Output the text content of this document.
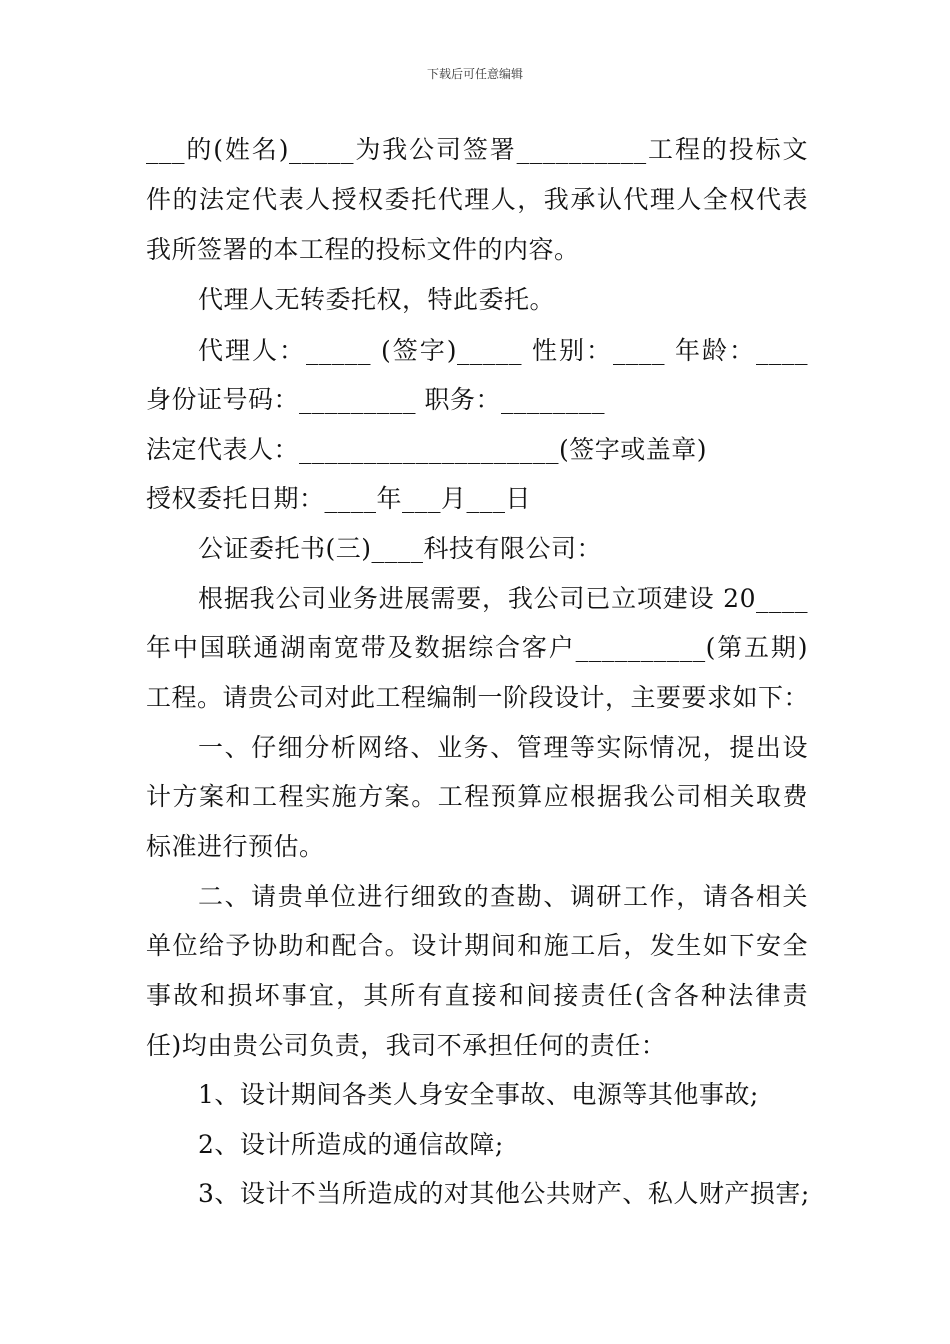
下载后可任意编辑
___的(姓名)_____为我公司签署__________工程的投标文
件的法定代表人授权委托代理人，我承认代理人全权代表
我所签署的本工程的投标文件的内容。
代理人无转委托权，特此委托。
代理人：_____ (签字)_____ 性别：____ 年龄：____
身份证号码：_________ 职务：________
法定代表人：____________________(签字或盖章)
授权委托日期：____年___月___日
公证委托书(三)____科技有限公司：
根据我公司业务进展需要，我公司已立项建设 20____
年中国联通湖南宽带及数据综合客户__________(第五期)
工程。请贵公司对此工程编制一阶段设计，主要要求如下：
一、仔细分析网络、业务、管理等实际情况，提出设
计方案和工程实施方案。工程预算应根据我公司相关取费
标准进行预估。
二、请贵单位进行细致的查勘、调研工作，请各相关
单位给予协助和配合。设计期间和施工后，发生如下安全
事故和损坏事宜，其所有直接和间接责任(含各种法律责
任)均由贵公司负责，我司不承担任何的责任：
1、设计期间各类人身安全事故、电源等其他事故;
2、设计所造成的通信故障;
3、设计不当所造成的对其他公共财产、私人财产损害;
